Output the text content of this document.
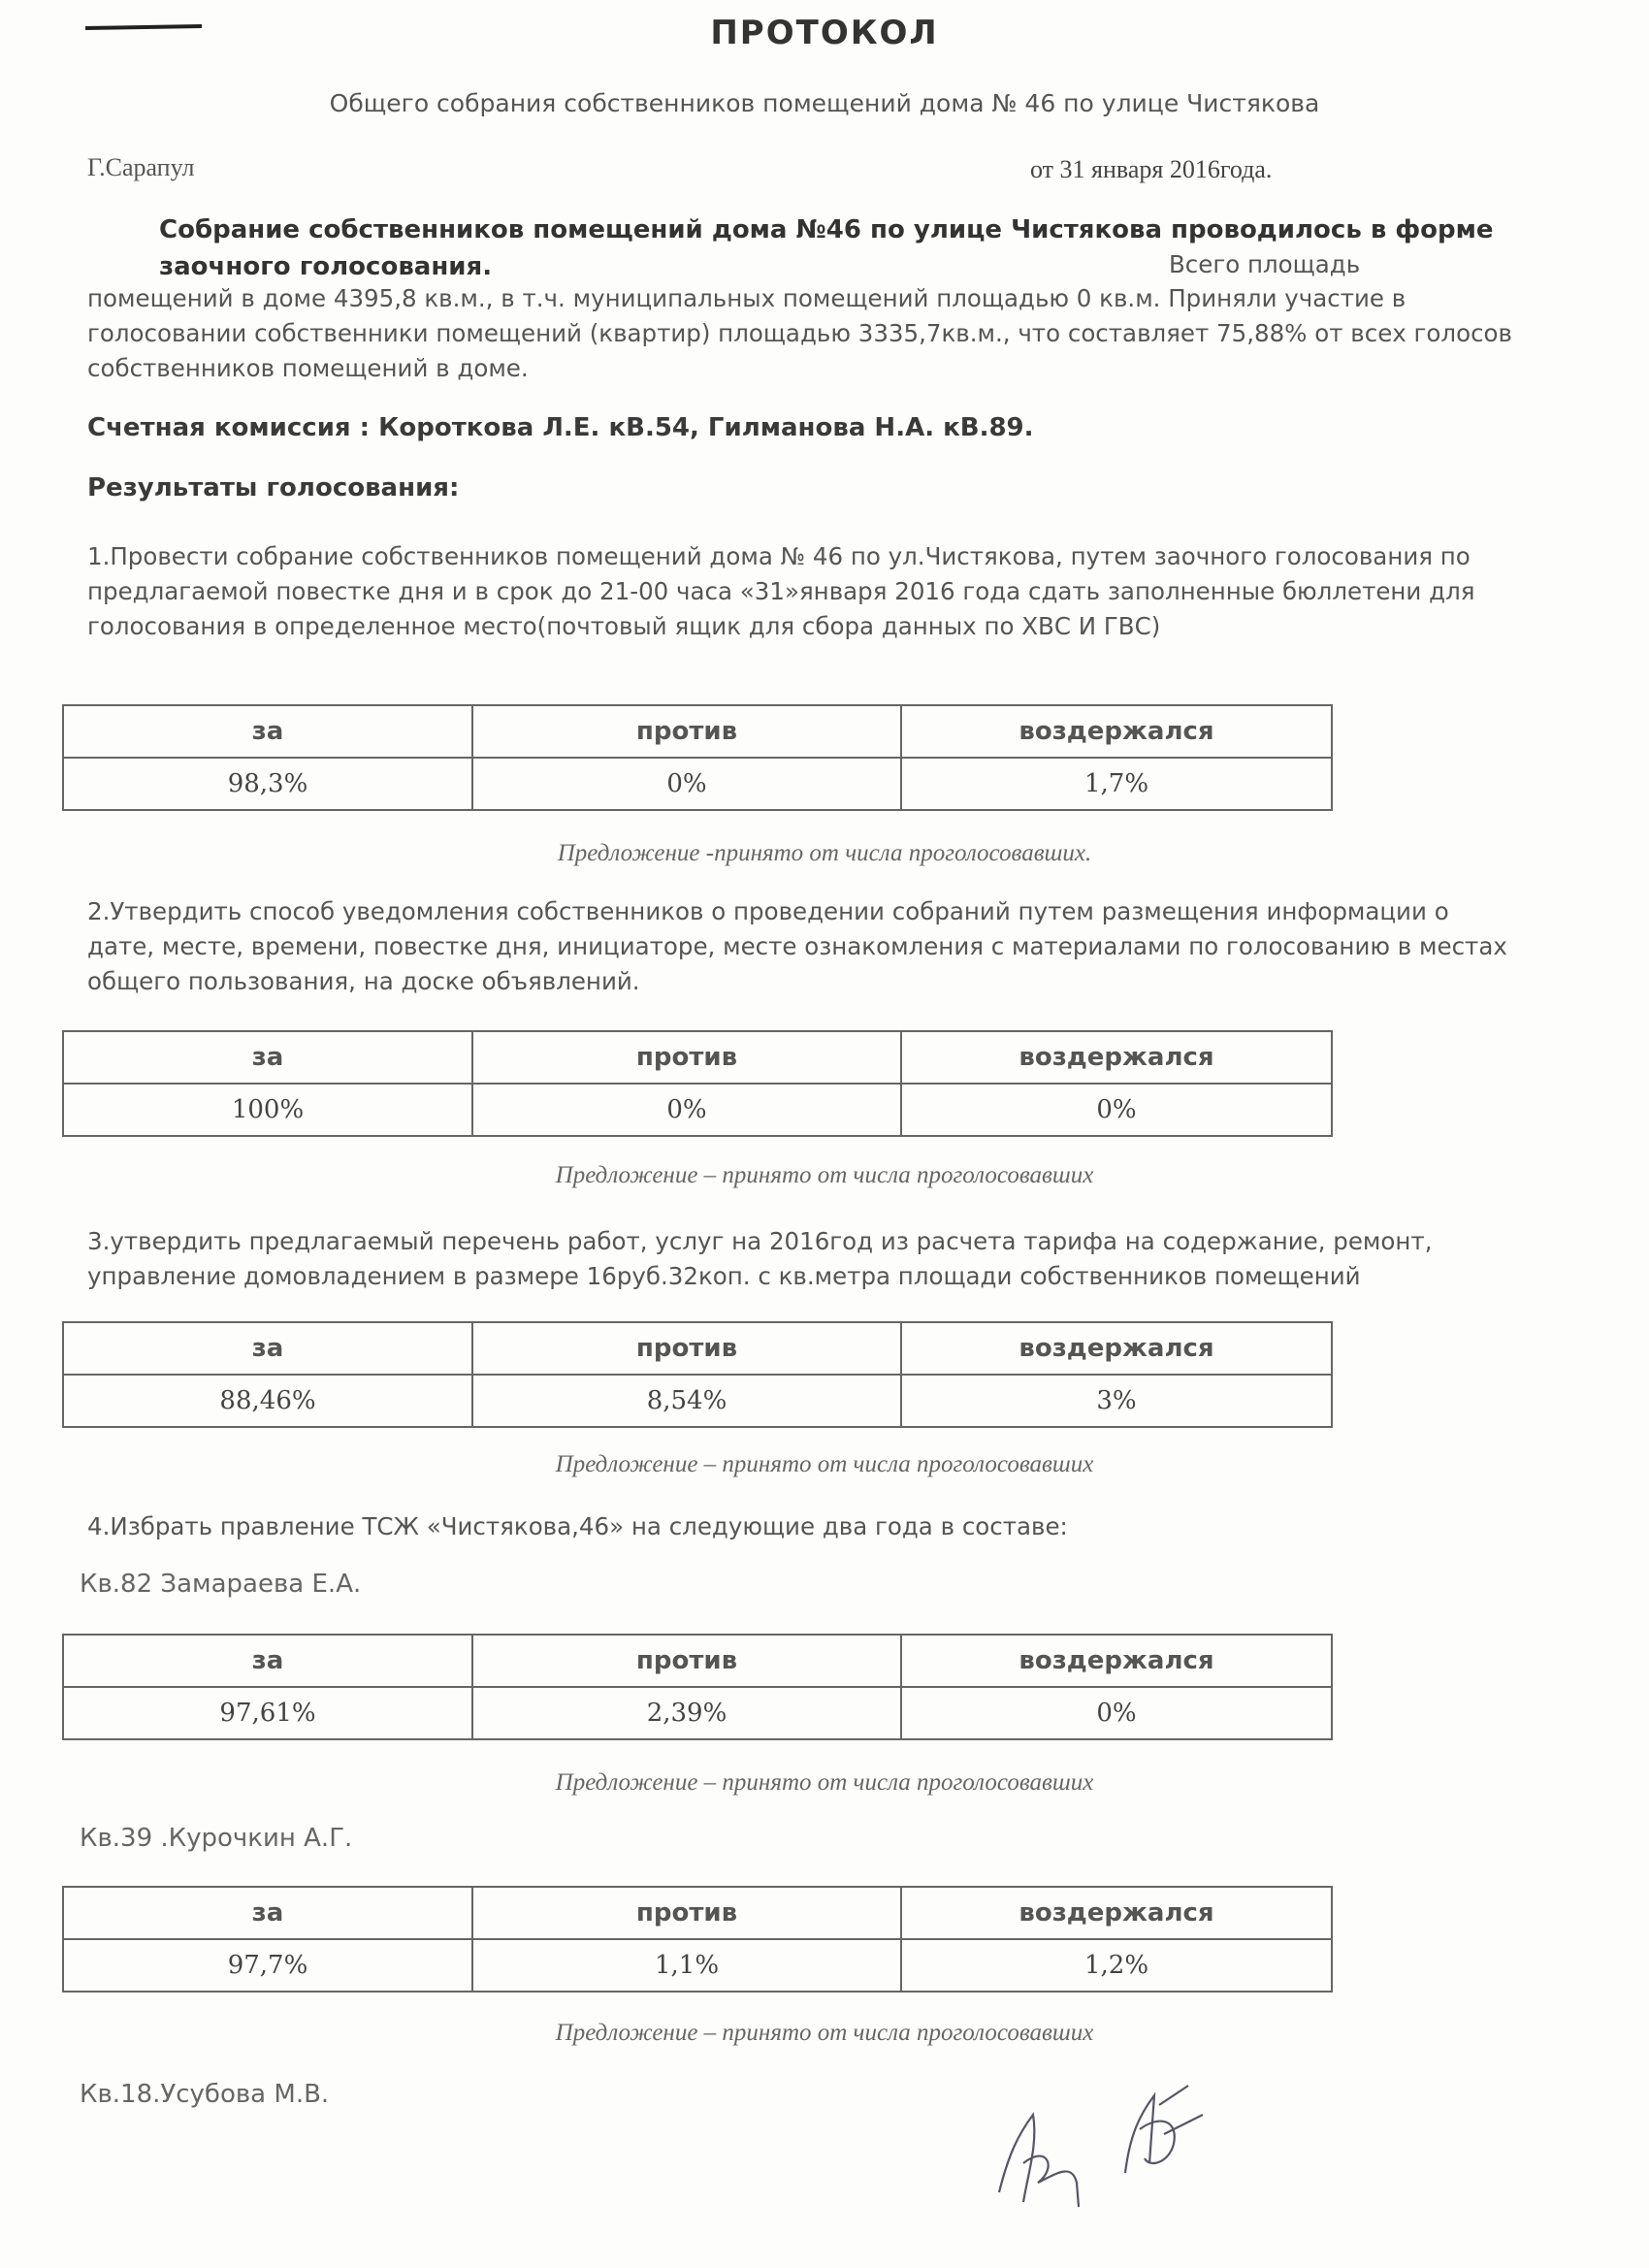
ПРОТОКОЛ
Общего собрания собственников помещений дома № 46 по улице Чистякова
Г.Сарапул	от 31 января 2016года.
Собрание собственников помещений дома №46 по улице Чистякова проводилось в форме заочного голосования.	Всего площадь
помещений в доме 4395,8 кв.м., в т.ч. муниципальных помещений площадью 0 кв.м. Приняли участие в голосовании собственники помещений (квартир) площадью 3335,7кв.м., что составляет 75,88% от всех голосов собственников помещений в доме.
Счетная комиссия : Короткова Л.Е. кВ.54, Гилманова Н.А. кВ.89.
Результаты голосования:
1.Провести собрание собственников помещений дома № 46 по ул.Чистякова, путем заочного голосования по предлагаемой повестке дня и в срок до 21-00 часа «31»января 2016 года сдать заполненные бюллетени для голосования в определенное место(почтовый ящик для сбора данных по ХВС И ГВС)
за	против	воздержался
98,3%	0%	1,7%
Предложение -принято от числа проголосовавших.
2.Утвердить способ уведомления собственников о проведении собраний путем размещения информации о дате, месте, времени, повестке дня, инициаторе, месте ознакомления с материалами по голосованию в местах общего пользования, на доске объявлений.
за	против	воздержался
100%	0%	0%
Предложение – принято от числа проголосовавших
3.утвердить предлагаемый перечень работ, услуг на 2016год из расчета тарифа на содержание, ремонт, управление домовладением в размере 16руб.32коп. с кв.метра площади собственников помещений
за	против	воздержался
88,46%	8,54%	3%
Предложение – принято от числа проголосовавших
4.Избрать правление ТСЖ «Чистякова,46» на следующие два года в составе:
Кв.82 Замараева Е.А.
за	против	воздержался
97,61%	2,39%	0%
Предложение – принято от числа проголосовавших
Кв.39 .Курочкин А.Г.
за	против	воздержался
97,7%	1,1%	1,2%
Предложение – принято от числа проголосовавших
Кв.18.Усубова М.В.
